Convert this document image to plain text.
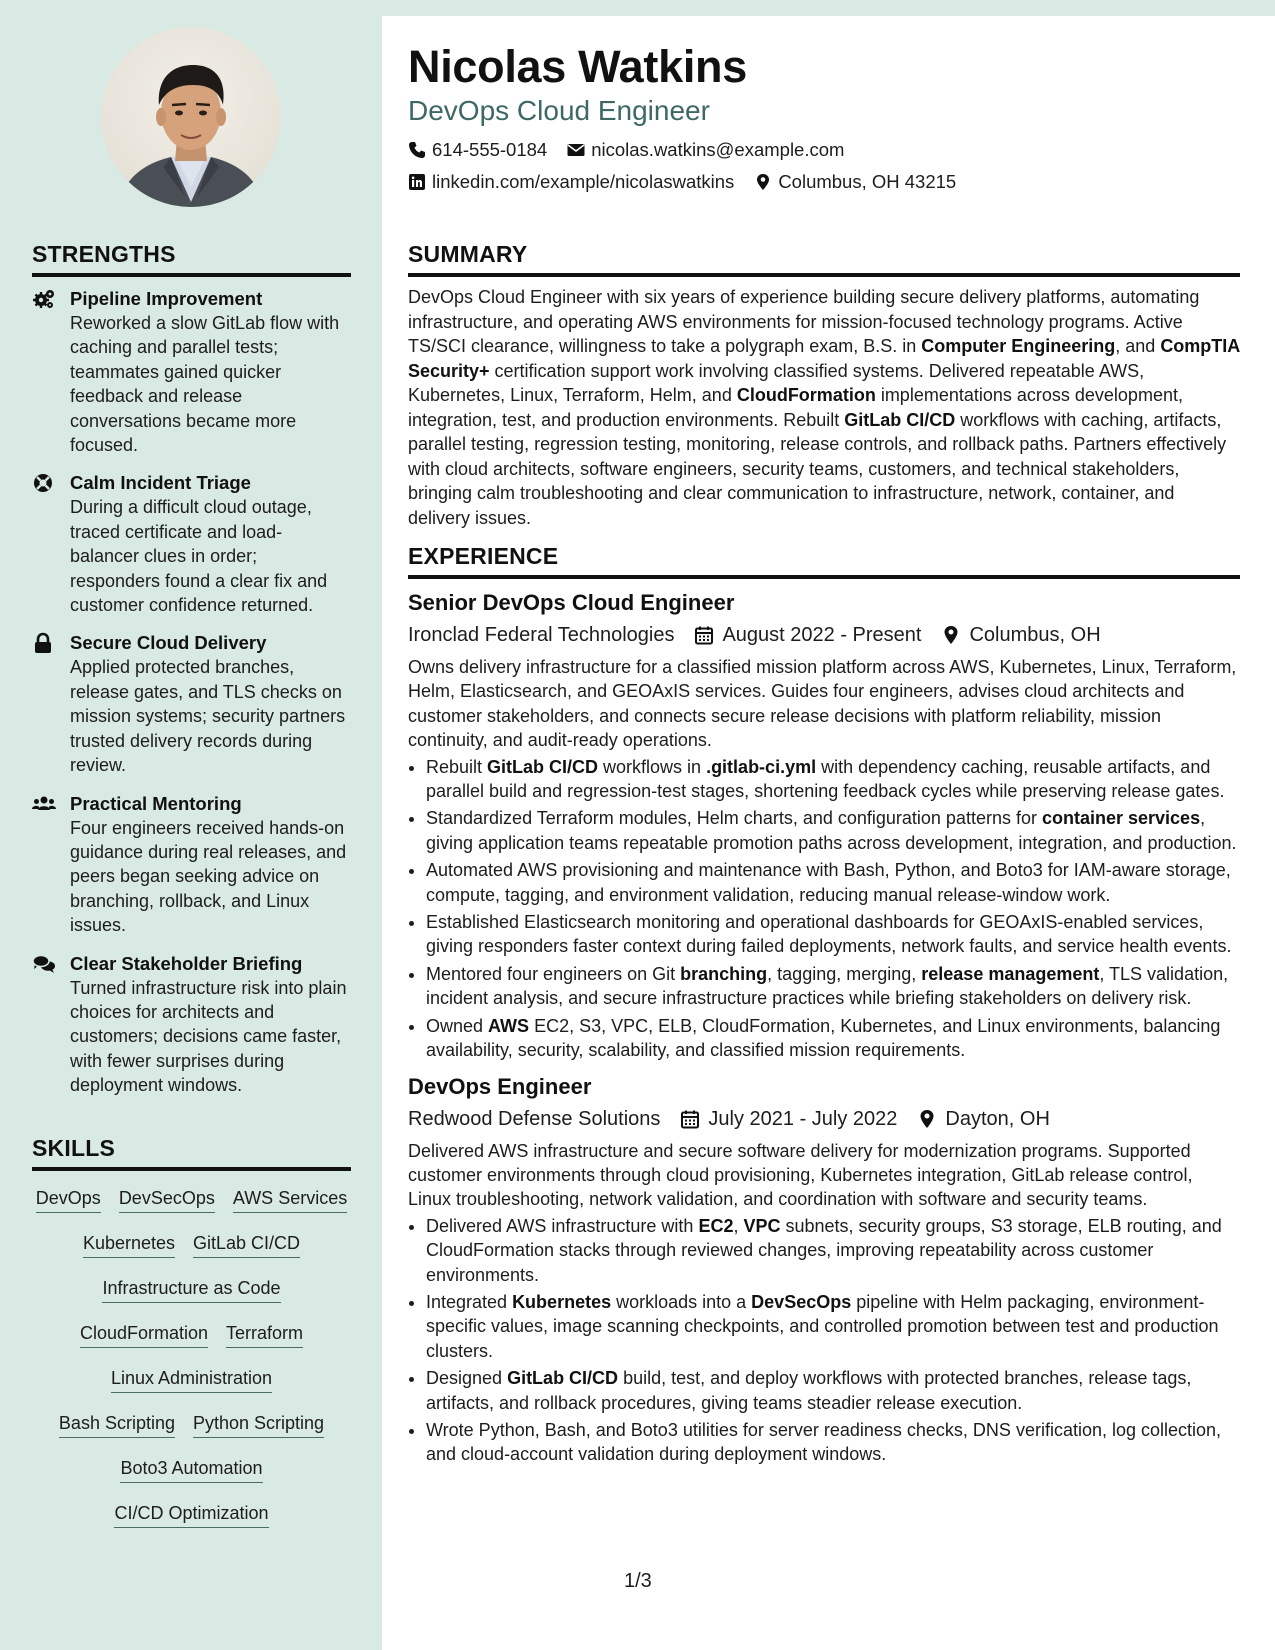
STRENGTHS
Pipeline Improvement
Reworked a slow GitLab flow with caching and parallel tests; teammates gained quicker feedback and release conversations became more focused.
Calm Incident Triage
During a difficult cloud outage, traced certificate and load-balancer clues in order; responders found a clear fix and customer confidence returned.
Secure Cloud Delivery
Applied protected branches, release gates, and TLS checks on mission systems; security partners trusted delivery records during review.
Practical Mentoring
Four engineers received hands-on guidance during real releases, and peers began seeking advice on branching, rollback, and Linux issues.
Clear Stakeholder Briefing
Turned infrastructure risk into plain choices for architects and customers; decisions came faster, with fewer surprises during deployment windows.
SKILLS
DevOps DevSecOps AWS Services
Kubernetes GitLab CI/CD
Infrastructure as Code
CloudFormation Terraform
Linux Administration
Bash Scripting Python Scripting
Boto3 Automation
CI/CD Optimization
Nicolas Watkins
DevOps Cloud Engineer
614-555-0184 nicolas.watkins@example.com
linkedin.com/example/nicolaswatkins Columbus, OH 43215
SUMMARY

DevOps Cloud Engineer with six years of experience building secure delivery platforms, automating infrastructure, and operating AWS environments for mission-focused technology programs. Active TS/SCI clearance, willingness to take a polygraph exam, B.S. in Computer Engineering, and CompTIA Security+ certification support work involving classified systems. Delivered repeatable AWS, Kubernetes, Linux, Terraform, Helm, and CloudFormation implementations across development, integration, test, and production environments. Rebuilt GitLab CI/CD workflows with caching, artifacts, parallel testing, regression testing, monitoring, release controls, and rollback paths. Partners effectively with cloud architects, software engineers, security teams, customers, and technical stakeholders, bringing calm troubleshooting and clear communication to infrastructure, network, container, and delivery issues.

EXPERIENCE
Senior DevOps Cloud Engineer
Ironclad Federal Technologies August 2022 - Present Columbus, OH
Owns delivery infrastructure for a classified mission platform across AWS, Kubernetes, Linux, Terraform, Helm, Elasticsearch, and GEOAxIS services. Guides four engineers, advises cloud architects and customer stakeholders, and connects secure release decisions with platform reliability, mission continuity, and audit-ready operations.
• Rebuilt GitLab CI/CD workflows in .gitlab-ci.yml with dependency caching, reusable artifacts, and parallel build and regression-test stages, shortening feedback cycles while preserving release gates.
• Standardized Terraform modules, Helm charts, and configuration patterns for container services, giving application teams repeatable promotion paths across development, integration, and production.
• Automated AWS provisioning and maintenance with Bash, Python, and Boto3 for IAM-aware storage, compute, tagging, and environment validation, reducing manual release-window work.
• Established Elasticsearch monitoring and operational dashboards for GEOAxIS-enabled services, giving responders faster context during failed deployments, network faults, and service health events.
• Mentored four engineers on Git branching, tagging, merging, release management, TLS validation, incident analysis, and secure infrastructure practices while briefing stakeholders on delivery risk.
• Owned AWS EC2, S3, VPC, ELB, CloudFormation, Kubernetes, and Linux environments, balancing availability, security, scalability, and classified mission requirements.
DevOps Engineer
Redwood Defense Solutions July 2021 - July 2022 Dayton, OH
Delivered AWS infrastructure and secure software delivery for modernization programs. Supported customer environments through cloud provisioning, Kubernetes integration, GitLab release control, Linux troubleshooting, network validation, and coordination with software and security teams.
• Delivered AWS infrastructure with EC2, VPC subnets, security groups, S3 storage, ELB routing, and CloudFormation stacks through reviewed changes, improving repeatability across customer environments.
• Integrated Kubernetes workloads into a DevSecOps pipeline with Helm packaging, environment-specific values, image scanning checkpoints, and controlled promotion between test and production clusters.
• Designed GitLab CI/CD build, test, and deploy workflows with protected branches, release tags, artifacts, and rollback procedures, giving teams steadier release execution.
• Wrote Python, Bash, and Boto3 utilities for server readiness checks, DNS verification, log collection, and cloud-account validation during deployment windows.
1/3
